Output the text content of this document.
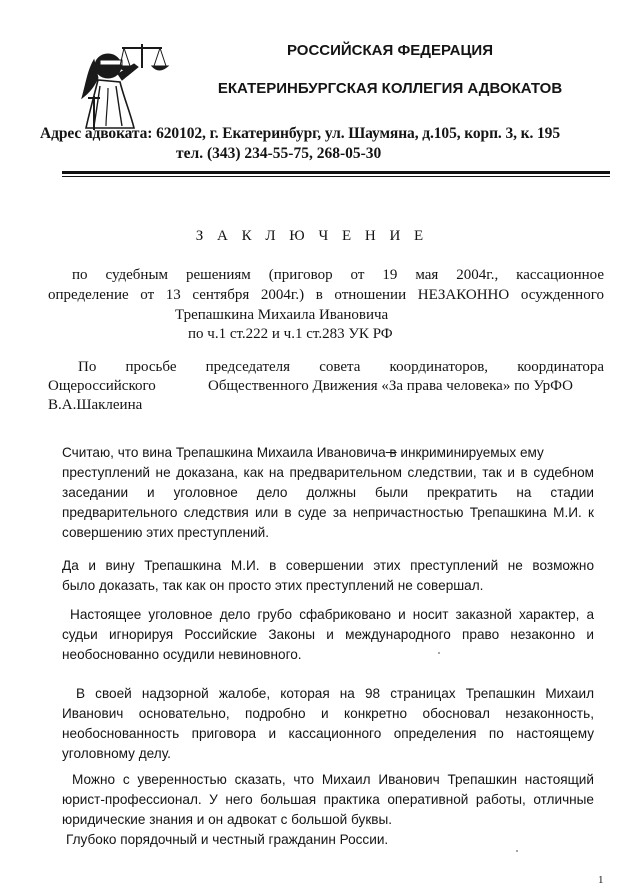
РОССИЙСКАЯ ФЕДЕРАЦИЯ
ЕКАТЕРИНБУРГСКАЯ КОЛЛЕГИЯ АДВОКАТОВ
Адрес адвоката: 620102, г. Екатеринбург, ул. Шаумяна, д.105, корп. 3, к. 195
тел. (343) 234-55-75, 268-05-30
З А К Л Ю Ч Е Н И Е
по судебным решениям (приговор от 19 мая 2004г., кассационное
определение от 13 сентября 2004г.) в отношении НЕЗАКОННО осужденного
Трепашкина Михаила Ивановича
по ч.1 ст.222 и ч.1 ст.283 УК РФ
По просьбе председателя совета координаторов, координатора
Ощероссийского	Общественного Движения «За права человека» по УрФО
В.А.Шаклеина
Считаю, что вина Трепашкина Михаила Ивановича в инкриминируемых ему
преступлений не доказана, как на предварительном следствии, так и в судебном
заседании и уголовное дело должны были прекратить на стадии
предварительного следствия или в суде за непричастностью Трепашкина М.И. к
совершению этих преступлений.
Да и вину Трепашкина М.И. в совершении этих преступлений не возможно
было доказать, так как он просто этих преступлений не совершал.
Настоящее уголовное дело грубо сфабриковано и носит заказной характер, а
судьи игнорируя Российские Законы и международного право незаконно и
необоснованно осудили невиновного.
В своей надзорной жалобе, которая на 98 страницах Трепашкин Михаил
Иванович основательно, подробно и конкретно обосновал незаконность,
необоснованность приговора и кассационного определения по настоящему
уголовному делу.
Можно с уверенностью сказать, что Михаил Иванович Трепашкин настоящий
юрист-профессионал. У него большая практика оперативной работы, отличные
юридические знания и он адвокат с большой буквы.
Глубоко порядочный и честный гражданин России.
1
